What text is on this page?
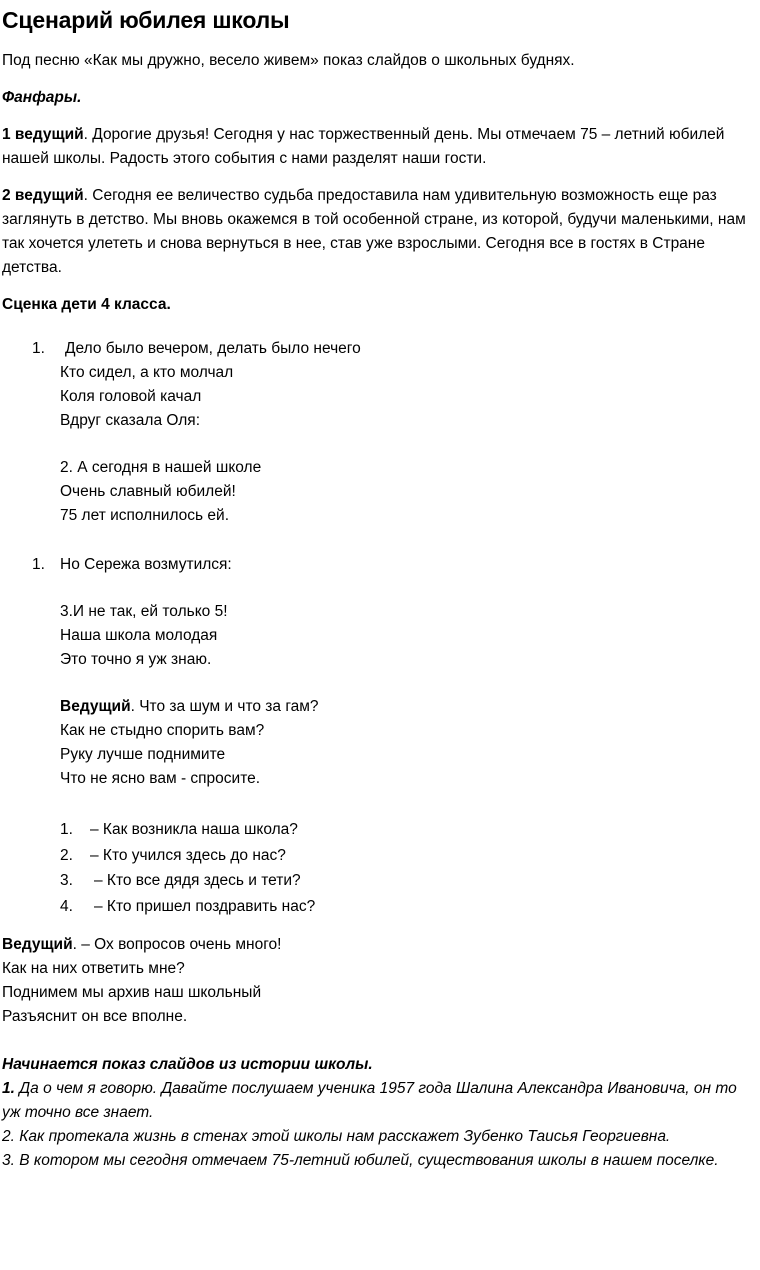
Сценарий юбилея школы

Под песню «Как мы дружно, весело живем» показ слайдов о школьных буднях.

Фанфары.

1 ведущий. Дорогие друзья! Сегодня у нас торжественный день. Мы отмечаем 75 – летний юбилей нашей школы. Радость этого события с нами разделят наши гости.

2 ведущий. Сегодня ее величество судьба предоставила нам удивительную возможность еще раз заглянуть в детство. Мы вновь окажемся в той особенной стране, из которой, будучи маленькими, нам так хочется улететь и снова вернуться в нее, став уже взрослыми. Сегодня все в гостях в Стране детства.

Сценка дети 4 класса.

1. Дело было вечером, делать было нечего
Кто сидел, а кто молчал
Коля головой качал
Вдруг сказала Оля:
2. А сегодня в нашей школе
Очень славный юбилей!
75 лет исполнилось ей.
1. Но Сережа возмутился:
3.И не так, ей только 5!
Наша школа молодая
Это точно я уж знаю.
Ведущий. Что за шум и что за гам?
Как не стыдно спорить вам?
Руку лучше поднимите
Что не ясно вам - спросите.
1. – Как возникла наша школа?
2. – Кто учился здесь до нас?
3. – Кто все дядя здесь и тети?
4. – Кто пришел поздравить нас?

Ведущий. – Ох вопросов очень много!

Как на них ответить мне?

Поднимем мы архив наш школьный

Разъяснит он все вполне.

Начинается показ слайдов из истории школы.

1. Да о чем я говорю. Давайте послушаем ученика 1957 года Шалина Александра Ивановича, он то уж точно все знает.

2. Как протекала жизнь в стенах этой школы нам расскажет Зубенко Таисья Георгиевна.

3. В котором мы сегодня отмечаем 75-летний юбилей, существования школы в нашем поселке.
